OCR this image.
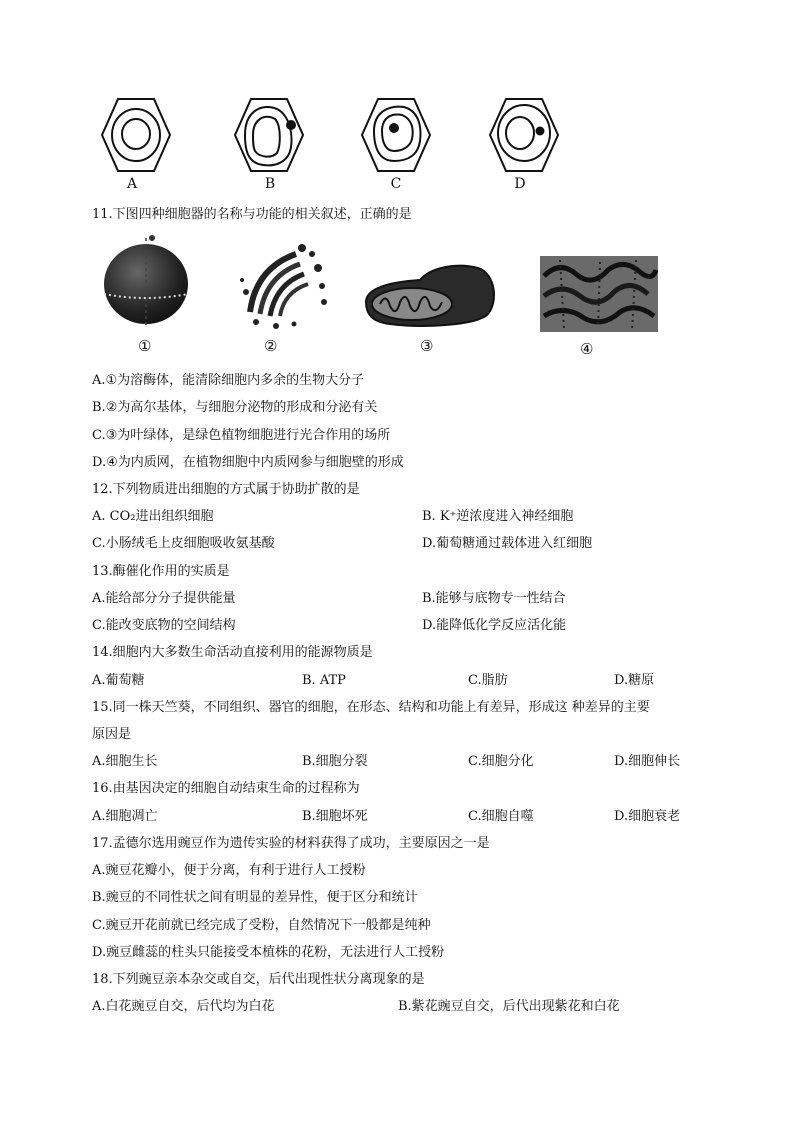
A	B	C	D
11.下图四种细胞器的名称与功能的相关叙述，正确的是
①	②	③	④
A.①为溶酶体，能清除细胞内多余的生物大分子
B.②为高尔基体，与细胞分泌物的形成和分泌有关
C.③为叶绿体，是绿色植物细胞进行光合作用的场所
D.④为内质网，在植物细胞中内质网参与细胞壁的形成
12.下列物质进出细胞的方式属于协助扩散的是
A. CO₂进出组织细胞	B. K⁺逆浓度进入神经细胞
C.小肠绒毛上皮细胞吸收氨基酸	D.葡萄糖通过载体进入红细胞
13.酶催化作用的实质是
A.能给部分分子提供能量	B.能够与底物专一性结合
C.能改变底物的空间结构	D.能降低化学反应活化能
14.细胞内大多数生命活动直接利用的能源物质是
A.葡萄糖	B. ATP	C.脂肪	D.糖原
15.同一株天竺葵，不同组织、器官的细胞，在形态、结构和功能上有差异，形成这 种差异的主要
原因是
A.细胞生长	B.细胞分裂	C.细胞分化	D.细胞伸长
16.由基因决定的细胞自动结束生命的过程称为
A.细胞凋亡	B.细胞坏死	C.细胞自噬	D.细胞衰老
17.孟德尔选用豌豆作为遗传实验的材料获得了成功，主要原因之一是
A.豌豆花瓣小，便于分离，有利于进行人工授粉
B.豌豆的不同性状之间有明显的差异性，便于区分和统计
C.豌豆开花前就已经完成了受粉，自然情况下一般都是纯种
D.豌豆雌蕊的柱头只能接受本植株的花粉，无法进行人工授粉
18.下列豌豆亲本杂交或自交，后代出现性状分离现象的是
A.白花豌豆自交，后代均为白花	B.紫花豌豆自交，后代出现紫花和白花
